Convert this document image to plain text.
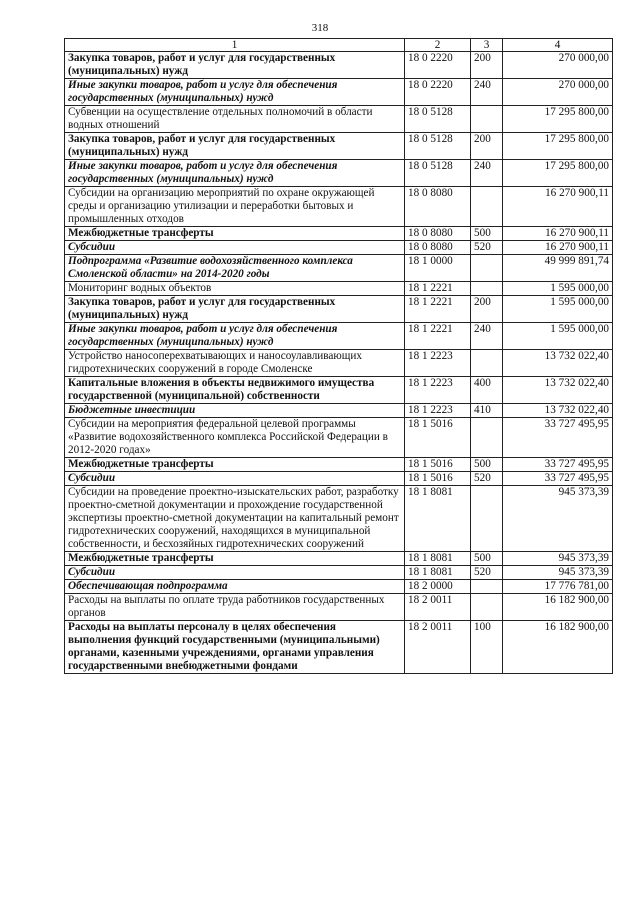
318
1	2	3	4
Закупка товаров, работ и услуг для государственных (муниципальных) нужд	18 0 2220	200	270 000,00
Иные закупки товаров, работ и услуг для обеспечения государственных (муниципальных) нужд	18 0 2220	240	270 000,00
Субвенции на осуществление отдельных полномочий в области водных отношений	18 0 5128		17 295 800,00
Закупка товаров, работ и услуг для государственных (муниципальных) нужд	18 0 5128	200	17 295 800,00
Иные закупки товаров, работ и услуг для обеспечения государственных (муниципальных) нужд	18 0 5128	240	17 295 800,00
Субсидии на организацию мероприятий по охране окружающей среды и организацию утилизации и переработки бытовых и промышленных отходов	18 0 8080		16 270 900,11
Межбюджетные трансферты	18 0 8080	500	16 270 900,11
Субсидии	18 0 8080	520	16 270 900,11
Подпрограмма «Развитие водохозяйственного комплекса Смоленской области» на 2014-2020 годы	18 1 0000		49 999 891,74
Мониторинг водных объектов	18 1 2221		1 595 000,00
Закупка товаров, работ и услуг для государственных (муниципальных) нужд	18 1 2221	200	1 595 000,00
Иные закупки товаров, работ и услуг для обеспечения государственных (муниципальных) нужд	18 1 2221	240	1 595 000,00
Устройство наносоперехватывающих и наносоулавливающих гидротехнических сооружений в городе Смоленске	18 1 2223		13 732 022,40
Капитальные вложения в объекты недвижимого имущества государственной (муниципальной) собственности	18 1 2223	400	13 732 022,40
Бюджетные инвестиции	18 1 2223	410	13 732 022,40
Субсидии на мероприятия федеральной целевой программы «Развитие водохозяйственного комплекса Российской Федерации в 2012-2020 годах»	18 1 5016		33 727 495,95
Межбюджетные трансферты	18 1 5016	500	33 727 495,95
Субсидии	18 1 5016	520	33 727 495,95
Субсидии на проведение проектно-изыскательских работ, разработку проектно-сметной документации и прохождение государственной экспертизы проектно-сметной документации на капитальный ремонт гидротехнических сооружений, находящихся в муниципальной собственности, и бесхозяйных гидротехнических сооружений	18 1 8081		945 373,39
Межбюджетные трансферты	18 1 8081	500	945 373,39
Субсидии	18 1 8081	520	945 373,39
Обеспечивающая подпрограмма	18 2 0000		17 776 781,00
Расходы на выплаты по оплате труда работников государственных органов	18 2 0011		16 182 900,00
Расходы на выплаты персоналу в целях обеспечения выполнения функций государственными (муниципальными) органами, казенными учреждениями, органами управления государственными внебюджетными фондами	18 2 0011	100	16 182 900,00
